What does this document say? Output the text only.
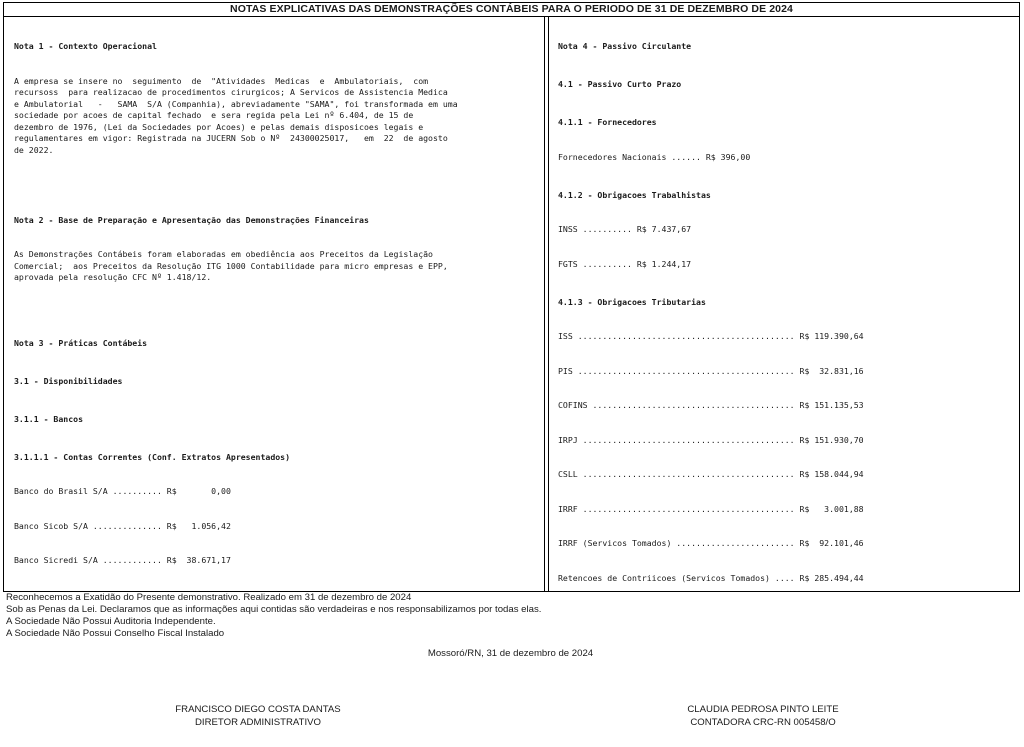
NOTAS EXPLICATIVAS DAS DEMONSTRAÇÕES CONTÁBEIS PARA O PERIODO DE 31 DE DEZEMBRO DE 2024

Nota 1 - Contexto Operacional

A empresa se insere no  seguimento  de  "Atividades  Medicas  e  Ambulatoriais,  com
recursoss  para realizacao de procedimentos cirurgicos; A Servicos de Assistencia Medica
e Ambulatorial   -   SAMA  S/A (Companhia), abreviadamente "SAMA", foi transformada em uma
sociedade por acoes de capital fechado  e sera regida pela Lei nº 6.404, de 15 de
dezembro de 1976, (Lei da Sociedades por Acoes) e pelas demais disposicoes legais e
regulamentares em vigor: Registrada na JUCERN Sob o Nº  24300025017,   em  22  de agosto
de 2022.

Nota 2 - Base de Preparação e Apresentação das Demonstrações Financeiras

As Demonstrações Contábeis foram elaboradas em obediência aos Preceitos da Legislação
Comercial;  aos Preceitos da Resolução ITG 1000 Contabilidade para micro empresas e EPP,
aprovada pela resolução CFC Nº 1.418/12.

Nota 3 - Práticas Contábeis

3.1 - Disponibilidades

3.1.1 - Bancos

3.1.1.1 - Contas Correntes (Conf. Extratos Apresentados)

Banco do Brasil S/A .......... R$       0,00

Banco Sicob S/A .............. R$   1.056,42

Banco Sicredi S/A ............ R$  38.671,17

Nota 4 - Passivo Circulante

4.1 - Passivo Curto Prazo

4.1.1 - Fornecedores

Fornecedores Nacionais ...... R$ 396,00

4.1.2 - Obrigacoes Trabalhistas

INSS .......... R$ 7.437,67

FGTS .......... R$ 1.244,17

4.1.3 - Obrigacoes Tributarias

ISS ............................................ R$ 119.390,64

PIS ............................................ R$  32.831,16

COFINS ......................................... R$ 151.135,53

IRPJ ........................................... R$ 151.930,70

CSLL ........................................... R$ 158.044,94

IRRF ........................................... R$   3.001,88

IRRF (Servicos Tomados) ........................ R$  92.101,46

Retencoes de Contriicoes (Servicos Tomados) .... R$ 285.494,44

Reconhecemos a Exatidão do Presente demonstrativo. Realizado em 31 de dezembro de 2024
Sob as Penas da Lei. Declaramos que as informações aqui contidas são verdadeiras e nos responsabilizamos por todas elas.
A Sociedade Não Possui Auditoria Independente.
A Sociedade Não Possui Conselho Fiscal Instalado
Mossoró/RN, 31 de dezembro de 2024
FRANCISCO DIEGO COSTA DANTAS
DIRETOR ADMINISTRATIVO
CLAUDIA PEDROSA PINTO LEITE
CONTADORA CRC-RN 005458/O
